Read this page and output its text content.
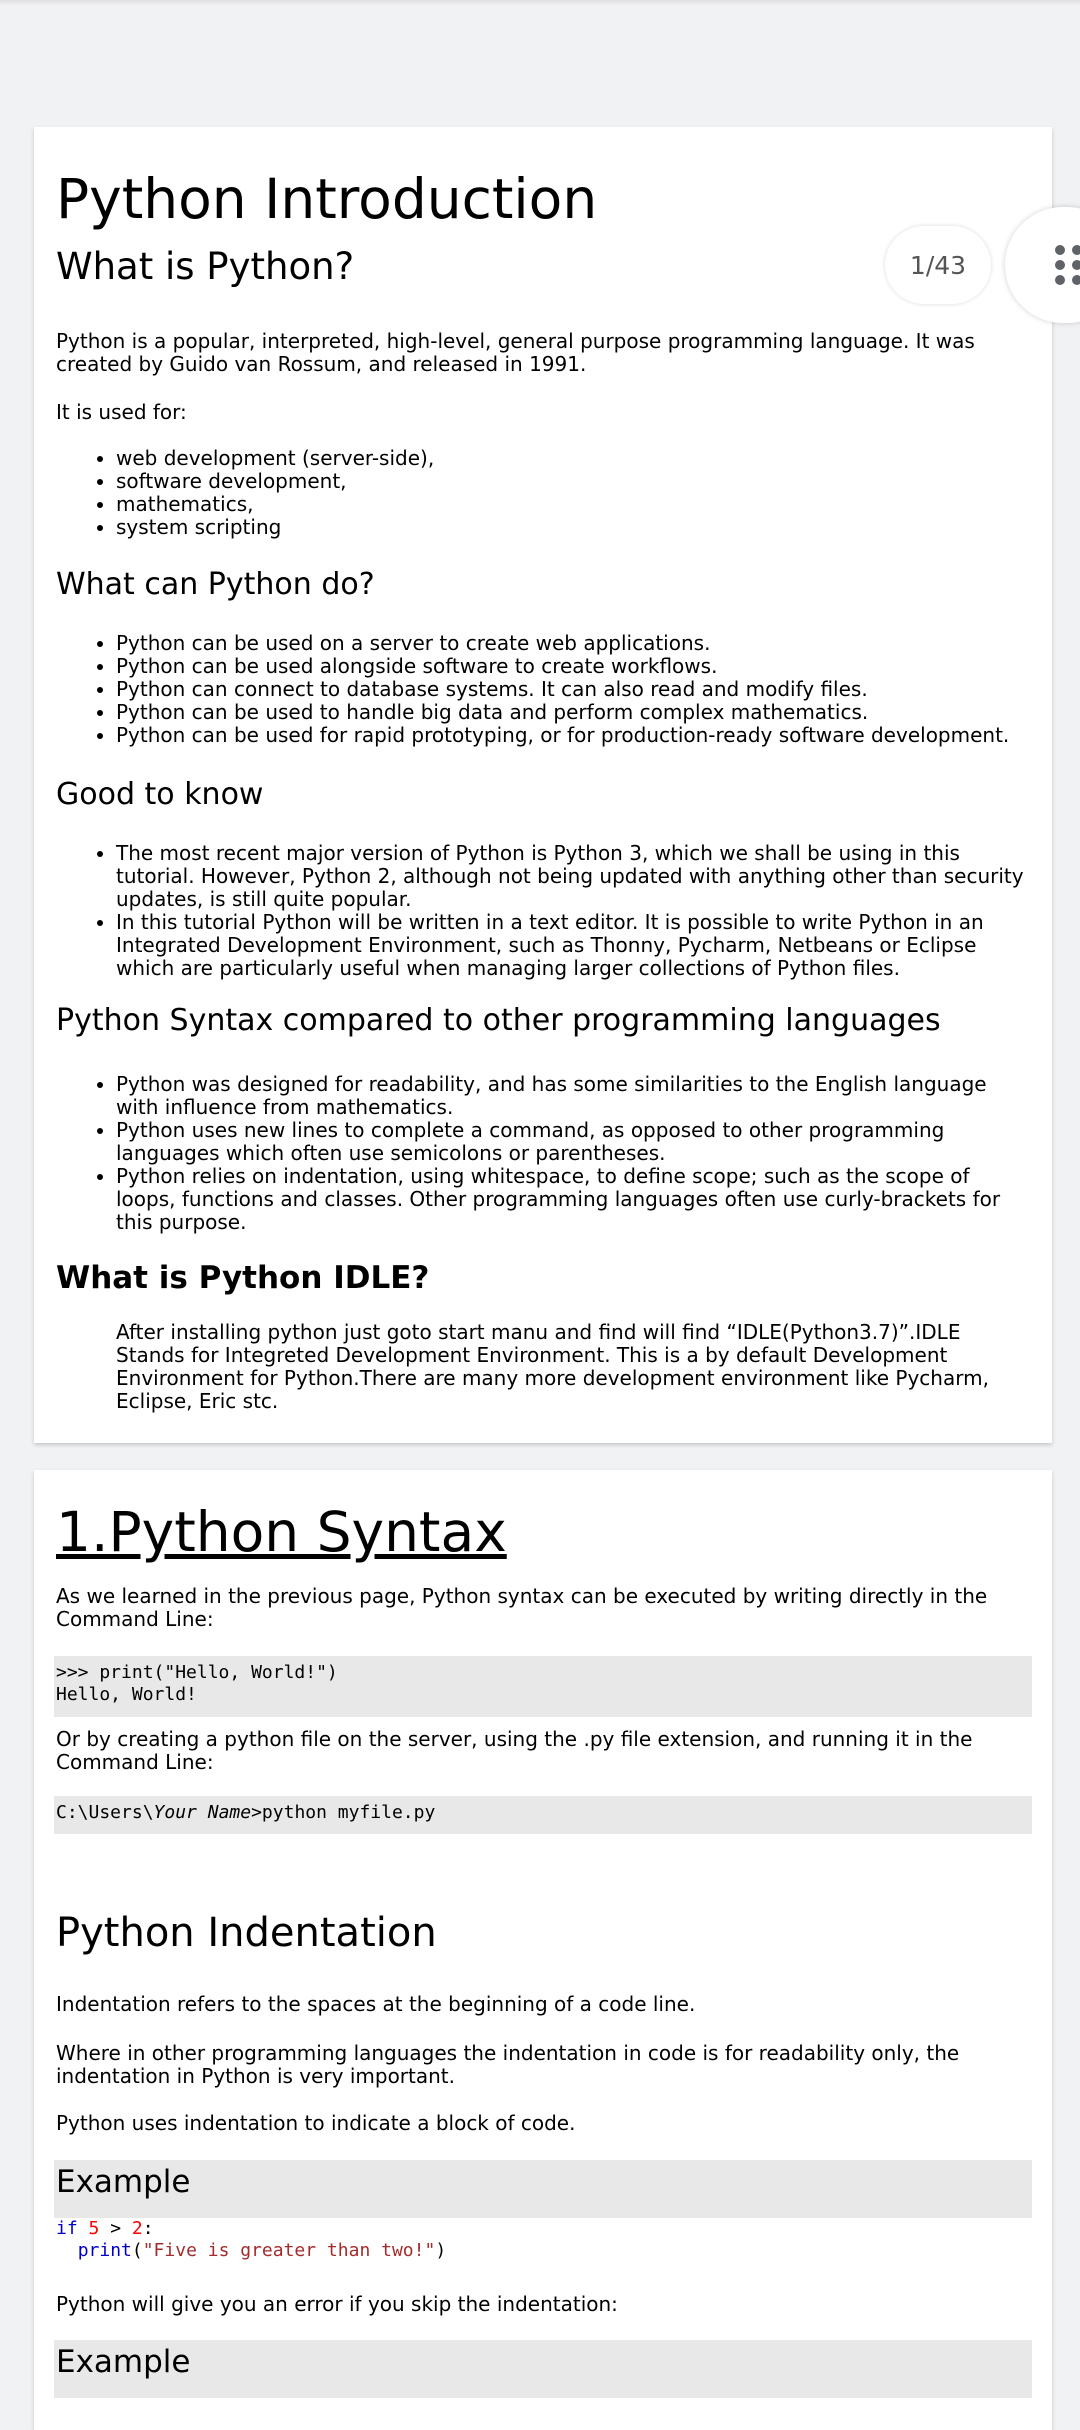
Python Introduction
What is Python?

Python is a popular, interpreted, high-level, general purpose programming language. It was created by Guido van Rossum, and released in 1991.

It is used for:

• web development (server-side),
• software development,
• mathematics,
• system scripting
What can Python do?
• Python can be used on a server to create web applications.
• Python can be used alongside software to create workflows.
• Python can connect to database systems. It can also read and modify files.
• Python can be used to handle big data and perform complex mathematics.
• Python can be used for rapid prototyping, or for production-ready software development.
Good to know
• The most recent major version of Python is Python 3, which we shall be using in this tutorial. However, Python 2, although not being updated with anything other than security updates, is still quite popular.
• In this tutorial Python will be written in a text editor. It is possible to write Python in an Integrated Development Environment, such as Thonny, Pycharm, Netbeans or Eclipse which are particularly useful when managing larger collections of Python files.
Python Syntax compared to other programming languages
• Python was designed for readability, and has some similarities to the English language with influence from mathematics.
• Python uses new lines to complete a command, as opposed to other programming languages which often use semicolons or parentheses.
• Python relies on indentation, using whitespace, to define scope; such as the scope of loops, functions and classes. Other programming languages often use curly-brackets for this purpose.
What is Python IDLE?

After installing python just goto start manu and find will find “IDLE(Python3.7)”.IDLE Stands for Integreted Development Environment. This is a by default Development Environment for Python.There are many more development environment like Pycharm, Eclipse, Eric stc.

1.Python Syntax

As we learned in the previous page, Python syntax can be executed by writing directly in the Command Line:

>>> print("Hello, World!")
Hello, World!

Or by creating a python file on the server, using the .py file extension, and running it in the Command Line:

C:\Users\Your Name>python myfile.py
Python Indentation

Indentation refers to the spaces at the beginning of a code line.

Where in other programming languages the indentation in code is for readability only, the indentation in Python is very important.

Python uses indentation to indicate a block of code.

Example
if 5 > 2:
print("Five is greater than two!")

Python will give you an error if you skip the indentation:

Example
1/43
